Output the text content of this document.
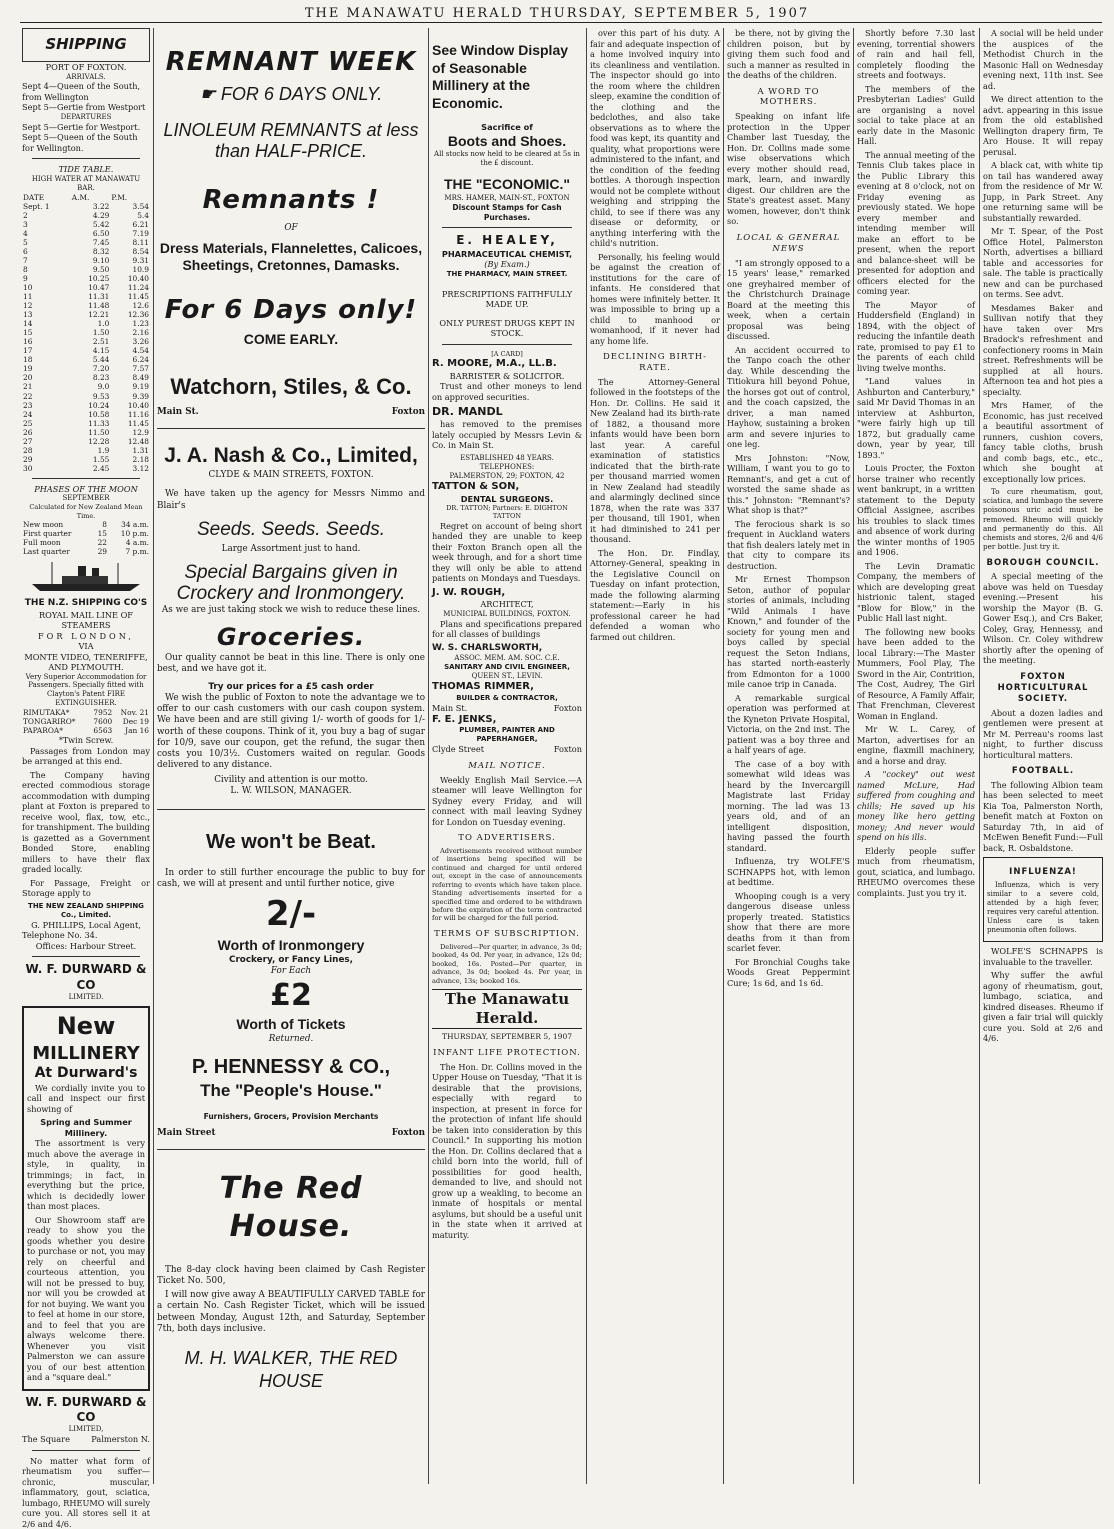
THE MANAWATU HERALD THURSDAY, SEPTEMBER 5, 1907
SHIPPING
PORT OF FOXTON.
ARRIVALS.
Sept 4—Queen of the South, from Wellington
Sept 5—Gertie from Westport
DEPARTURES
Sept 5—Gertie for Westport.
Sept 5—Queen of the South for Wellington.
TIDE TABLE.
HIGH WATER AT MANAWATU BAR.
DATE	A.M.	P.M.
Sept. 1	3.22	3.54
2	4.29	5.4
3	5.42	6.21
4	6.50	7.19
5	7.45	8.11
6	8.32	8.54
7	9.10	9.31
8	9.50	10.9
9	10.25	10.40
10	10.47	11.24
11	11.31	11.45
12	11.48	12.6
13	12.21	12.36
14	1.0	1.23
15	1.50	2.16
16	2.51	3.26
17	4.15	4.54
18	5.44	6.24
19	7.20	7.57
20	8.23	8.49
21	9.0	9.19
22	9.53	9.39
23	10.24	10.40
24	10.58	11.16
25	11.33	11.45
26	11.50	12.9
27	12.28	12.48
28	1.9	1.31
29	1.55	2.18
30	2.45	3.12
PHASES OF THE MOON
SEPTEMBER
Calculated for New Zealand Mean Time.
New moon	8	34 a.m.
First quarter	15	10 p.m.
Full moon	22	4 a.m.
Last quarter	29	7 p.m.
THE N.Z. SHIPPING CO'S
ROYAL MAIL LINE OF
STEAMERS
FOR LONDON,
VIA
MONTE VIDEO, TENERIFFE, AND PLYMOUTH.
Very Superior Accommodation for Passengers. Specially fitted with Clayton's Patent FIRE EXTINGUISHER.
RIMUTAKA*	7952	Nov. 21
TONGARIRO*	7600	Dec 19
PAPAROA*	6563	Jan 16
*Twin Screw.

Passages from London may be arranged at this end.

The Company having erected commodious storage accommodation with dumping plant at Foxton is prepared to receive wool, flax, tow, etc., for transhipment. The building is gazetted as a Government Bonded Store, enabling millers to have their flax graded locally.

For Passage, Freight or Storage apply to

THE NEW ZEALAND SHIPPING Co., Limited.
G. PHILLIPS, Local Agent,
Telephone No. 34.
Offices: Harbour Street.
W. F. DURWARD & CO
LIMITED.
New
MILLINERY
At Durward's

We cordially invite you to call and inspect our first showing of

Spring and Summer Millinery.

The assortment is very much above the average in style, in quality, in trimmings; in fact, in everything but the price, which is decidedly lower than most places.

Our Showroom staff are ready to show you the goods whether you desire to purchase or not, you may rely on cheerful and courteous attention, you will not be pressed to buy, nor will you be crowded at for not buying. We want you to feel at home in our store, and to feel that you are always welcome there. Whenever you visit Palmerston we can assure you of our best attention and a "square deal."

W. F. DURWARD & CO
LIMITED,
The Square	Palmerston N.

No matter what form of rheumatism you suffer—chronic, muscular, inflammatory, gout, sciatica, lumbago, RHEUMO will surely cure you. All stores sell it at 2/6 and 4/6.

REMNANT WEEK
☛ FOR 6 DAYS ONLY.
LINOLEUM REMNANTS at less than HALF-PRICE.
Remnants !
OF
Dress Materials, Flannelettes, Calicoes, Sheetings, Cretonnes, Damasks.
For 6 Days only!
COME EARLY.
Watchorn, Stiles, & Co.
Main St.	Foxton
J. A. Nash & Co., Limited,
CLYDE & MAIN STREETS, FOXTON.

We have taken up the agency for Messrs Nimmo and Blair's

Seeds. Seeds. Seeds.
Large Assortment just to hand.
Special Bargains given in Crockery and Ironmongery.
As we are just taking stock we wish to reduce these lines.
Groceries.

Our quality cannot be beat in this line. There is only one best, and we have got it.

Try our prices for a £5 cash order

We wish the public of Foxton to note the advantage we to offer to our cash customers with our cash coupon system. We have been and are still giving 1/- worth of goods for 1/- worth of these coupons. Think of it, you buy a bag of sugar for 10/9, save our coupon, get the refund, the sugar then costs you 10/3½. Customers waited on regular. Goods delivered to any distance.

Civility and attention is our motto.
L. W. WILSON, MANAGER.
We won't be Beat.

In order to still further encourage the public to buy for cash, we will at present and until further notice, give

2/-
Worth of Ironmongery
Crockery, or Fancy Lines,
For Each
£2
Worth of Tickets
Returned.
P. HENNESSY & CO.,
The "People's House."
Furnishers, Grocers, Provision Merchants
Main Street	Foxton
The Red House.

The 8-day clock having been claimed by Cash Register Ticket No. 500,

I will now give away A BEAUTIFULLY CARVED TABLE for a certain No. Cash Register Ticket, which will be issued between Monday, August 12th, and Saturday, September 7th, both days inclusive.

M. H. WALKER, THE RED HOUSE
See Window Display of Seasonable Millinery at the Economic.
Sacrifice of
Boots and Shoes.
All stocks now held to be cleared at 5s in the £ discount.
THE "ECONOMIC."
MRS. HAMER, MAIN-ST., FOXTON
Discount Stamps for Cash Purchases.
E. HEALEY,
PHARMACEUTICAL CHEMIST,
(By Exam.)
THE PHARMACY, MAIN STREET.
PRESCRIPTIONS FAITHFULLY MADE UP.
ONLY PUREST DRUGS KEPT IN STOCK.
[A CARD]
R. MOORE, M.A., LL.B.
BARRISTER & SOLICITOR.

Trust and other moneys to lend on approved securities.

DR. MANDL

has removed to the premises lately occupied by Messrs Levin & Co. in Main St.

ESTABLISHED 48 YEARS.
TELEPHONES:
PALMERSTON, 29; FOXTON, 42
TATTON & SON,
DENTAL SURGEONS.
DR. TATTON; Partners: E. DIGHTON TATTON

Regret on account of being short handed they are unable to keep their Foxton Branch open all the week through, and for a short time they will only be able to attend patients on Mondays and Tuesdays.

J. W. ROUGH,
ARCHITECT,
MUNICIPAL BUILDINGS, FOXTON.

Plans and specifications prepared for all classes of buildings

W. S. CHARLSWORTH,
ASSOC. MEM. AM. SOC. C.E.
SANITARY AND CIVIL ENGINEER,
QUEEN ST., LEVIN.
THOMAS RIMMER,
BUILDER & CONTRACTOR,
Main St.	Foxton
F. E. JENKS,
PLUMBER, PAINTER AND PAPERHANGER,
Clyde Street	Foxton
MAIL NOTICE.

Weekly English Mail Service.—A steamer will leave Wellington for Sydney every Friday, and will connect with mail leaving Sydney for London on Tuesday evening.

TO ADVERTISERS.

Advertisements received without number of insertions being specified will be continued and charged for until ordered out, except in the case of announcements referring to events which have taken place. Standing advertisements inserted for a specified time and ordered to be withdrawn before the expiration of the term contracted for will be charged for the full period.

TERMS OF SUBSCRIPTION.

Delivered—Per quarter, in advance, 3s 0d; booked, 4s 0d. Per year, in advance, 12s 0d; booked, 16s. Posted—Per quarter, in advance, 3s 0d; booked 4s. Per year, in advance, 13s; booked 16s.

The Manawatu Herald.
THURSDAY, SEPTEMBER 5, 1907
INFANT LIFE PROTECTION.

The Hon. Dr. Collins moved in the Upper House on Tuesday, "That it is desirable that the provisions, especially with regard to inspection, at present in force for the protection of infant life should be taken into consideration by this Council." In supporting his motion the Hon. Dr. Collins declared that a child born into the world, full of possibilities for good health, demanded to live, and should not grow up a weakling, to become an inmate of hospitals or mental asylums, but should be a useful unit in the state when it arrived at maturity.

over this part of his duty. A fair and adequate inspection of a home involved inquiry into its cleanliness and ventilation. The inspector should go into the room where the children sleep, examine the condition of the clothing and the bedclothes, and also take observations as to where the food was kept, its quantity and quality, what proportions were administered to the infant, and the condition of the feeding bottles. A thorough inspection would not be complete without weighing and stripping the child, to see if there was any disease or deformity, or anything interfering with the child's nutrition.

Personally, his feeling would be against the creation of institutions for the care of infants. He considered that homes were infinitely better. It was impossible to bring up a child to manhood or womanhood, if it never had any home life.

DECLINING BIRTH-RATE.

The Attorney-General followed in the footsteps of the Hon. Dr. Collins. He said it New Zealand had its birth-rate of 1882, a thousand more infants would have been born last year. A careful examination of statistics indicated that the birth-rate per thousand married women in New Zealand had steadily and alarmingly declined since 1878, when the rate was 337 per thousand, till 1901, when it had diminished to 241 per thousand.

The Hon. Dr. Findlay, Attorney-General, speaking in the Legislative Council on Tuesday on infant protection, made the following alarming statement:—Early in his professional career he had defended a woman who farmed out children.

be there, not by giving the children poison, but by giving them such food and such a manner as resulted in the deaths of the children.

A WORD TO MOTHERS.

Speaking on infant life protection in the Upper Chamber last Tuesday, the Hon. Dr. Collins made some wise observations which every mother should read, mark, learn, and inwardly digest. Our children are the State's greatest asset. Many women, however, don't think so.

LOCAL & GENERAL NEWS

"I am strongly opposed to a 15 years' lease," remarked one greyhaired member of the Christchurch Drainage Board at the meeting this week, when a certain proposal was being discussed.

An accident occurred to the Tanpo coach the other day. While descending the Titiokura hill beyond Pohue, the horses got out of control, and the coach capsized, the driver, a man named Hayhow, sustaining a broken arm and severe injuries to one leg.

Mrs Johnston: "Now, William, I want you to go to Remnant's, and get a cut of worsted the same shade as this." Johnston: "Remnant's? What shop is that?"

The ferocious shark is so frequent in Auckland waters that fish dealers lately met in that city to compare its destruction.

Mr Ernest Thompson Seton, author of popular stories of animals, including "Wild Animals I have Known," and founder of the society for young men and boys called by special request the Seton Indians, has started north-easterly from Edmonton for a 1000 mile canoe trip in Canada.

A remarkable surgical operation was performed at the Kyneton Private Hospital, Victoria, on the 2nd inst. The patient was a boy three and a half years of age.

The case of a boy with somewhat wild ideas was heard by the Invercargill Magistrate last Friday morning. The lad was 13 years old, and of an intelligent disposition, having passed the fourth standard.

Influenza, try WOLFE'S SCHNAPPS hot, with lemon at bedtime.

Whooping cough is a very dangerous disease unless properly treated. Statistics show that there are more deaths from it than from scarlet fever.

For Bronchial Coughs take Woods Great Peppermint Cure; 1s 6d, and 1s 6d.

Shortly before 7.30 last evening, torrential showers of rain and hail fell, completely flooding the streets and footways.

The members of the Presbyterian Ladies' Guild are organising a novel social to take place at an early date in the Masonic Hall.

The annual meeting of the Tennis Club takes place in the Public Library this evening at 8 o'clock, not on Friday evening as previously stated. We hope every member and intending member will make an effort to be present, when the report and balance-sheet will be presented for adoption and officers elected for the coming year.

The Mayor of Huddersfield (England) in 1894, with the object of reducing the infantile death rate, promised to pay £1 to the parents of each child living twelve months.

"Land values in Ashburton and Canterbury," said Mr David Thomas in an interview at Ashburton, "were fairly high up till 1872, but gradually came down, year by year, till 1893."

Louis Procter, the Foxton horse trainer who recently went bankrupt, in a written statement to the Deputy Official Assignee, ascribes his troubles to slack times and absence of work during the winter months of 1905 and 1906.

The Levin Dramatic Company, the members of which are developing great histrionic talent, staged "Blow for Blow," in the Public Hall last night.

The following new books have been added to the local Library:—The Master Mummers, Fool Play, The Sword in the Air, Contrition, The Cost, Audrey, The Girl of Resource, A Family Affair, That Frenchman, Cleverest Woman in England.

Mr W. L. Carey, of Marton, advertises for an engine, flaxmill machinery, and a horse and dray.

A "cockey" out west named McLure, Had suffered from coughing and chills; He saved up his money like hero getting money; And never would spend on his ills.

Elderly people suffer much from rheumatism, gout, sciatica, and lumbago. RHEUMO overcomes these complaints. Just you try it.

A social will be held under the auspices of the Methodist Church in the Masonic Hall on Wednesday evening next, 11th inst. See ad.

We direct attention to the advt. appearing in this issue from the old established Wellington drapery firm, Te Aro House. It will repay perusal.

A black cat, with white tip on tail has wandered away from the residence of Mr W. Jupp, in Park Street. Any one returning same will be substantially rewarded.

Mr T. Spear, of the Post Office Hotel, Palmerston North, advertises a billiard table and accessories for sale. The table is practically new and can be purchased on terms. See advt.

Mesdames Baker and Sullivan notify that they have taken over Mrs Bradock's refreshment and confectionery rooms in Main street. Refreshments will be supplied at all hours. Afternoon tea and hot pies a specialty.

Mrs Hamer, of the Economic, has just received a beautiful assortment of runners, cushion covers, fancy table cloths, brush and comb bags, etc., etc., which she bought at exceptionally low prices.

To cure rheumatism, gout, sciatica, and lumbago the severe poisonous uric acid must be removed. Rheumo will quickly and permanently do this. All chemists and stores, 2/6 and 4/6 per bottle. Just try it.

BOROUGH COUNCIL.

A special meeting of the above was held on Tuesday evening.—Present his worship the Mayor (B. G. Gower Esq.), and Crs Baker, Coley, Gray, Hennessy, and Wilson. Cr. Coley withdrew shortly after the opening of the meeting.

FOXTON HORTICULTURAL SOCIETY.

About a dozen ladies and gentlemen were present at Mr M. Perreau's rooms last night, to further discuss horticultural matters.

FOOTBALL.

The following Albion team has been selected to meet Kia Toa, Palmerston North, benefit match at Foxton on Saturday 7th, in aid of McEwen Benefit Fund:—Full back, R. Osbaldstone.

INFLUENZA!

Influenza, which is very similar to a severe cold, attended by a high fever, requires very careful attention. Unless care is taken pneumonia often follows.

WOLFE'S SCHNAPPS is invaluable to the traveller.

Why suffer the awful agony of rheumatism, gout, lumbago, sciatica, and kindred diseases. Rheumo if given a fair trial will quickly cure you. Sold at 2/6 and 4/6.
